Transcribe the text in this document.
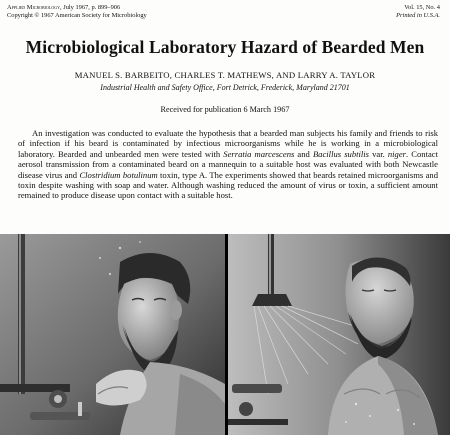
Applied Microbiology, July 1967, p. 899–906
Copyright © 1967 American Society for Microbiology
Vol. 15, No. 4
Printed in U.S.A.
Microbiological Laboratory Hazard of Bearded Men
MANUEL S. BARBEITO, CHARLES T. MATHEWS, AND LARRY A. TAYLOR
Industrial Health and Safety Office, Fort Detrick, Frederick, Maryland 21701
Received for publication 6 March 1967

An investigation was conducted to evaluate the hypothesis that a bearded man subjects his family and friends to risk of infection if his beard is contaminated by infectious microorganisms while he is working in a microbiological laboratory. Bearded and unbearded men were tested with Serratia marcescens and Bacillus subtilis var. niger. Contact aerosol transmission from a contaminated beard on a mannequin to a suitable host was evaluated with both Newcastle disease virus and Clostridium botulinum toxin, type A. The experiments showed that beards retained microorganisms and toxin despite washing with soap and water. Although washing reduced the amount of virus or toxin, a sufficient amount remained to produce disease upon contact with a suitable host.
